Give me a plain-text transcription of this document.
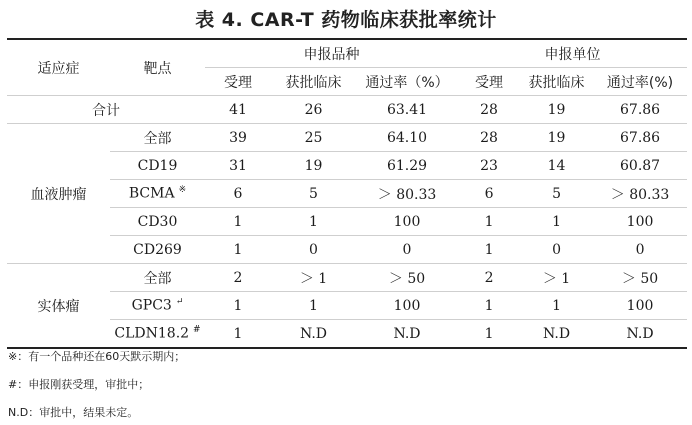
表 4. CAR-T 药物临床获批率统计
适应症	靶点	申报品种			申报单位		
		受理	获批临床	通过率（%）	受理	获批临床	通过率(%)
合计		41	26	63.41	28	19	67.86
血液肿瘤	全部	39	25	64.10	28	19	67.86
	CD19	31	19	61.29	23	14	60.87
	BCMA ※	6	5	＞ 80.33	6	5	＞ 80.33
	CD30	1	1	100	1	1	100
	CD269	1	0	0	1	0	0
实体瘤	全部	2	＞ 1	＞ 50	2	＞ 1	＞ 50
	GPC3 ↵	1	1	100	1	1	100
	CLDN18.2 #	1	N.D	N.D	1	N.D	N.D
※：有一个品种还在60天默示期内；
#：申报刚获受理，审批中；
N.D：审批中，结果未定。
